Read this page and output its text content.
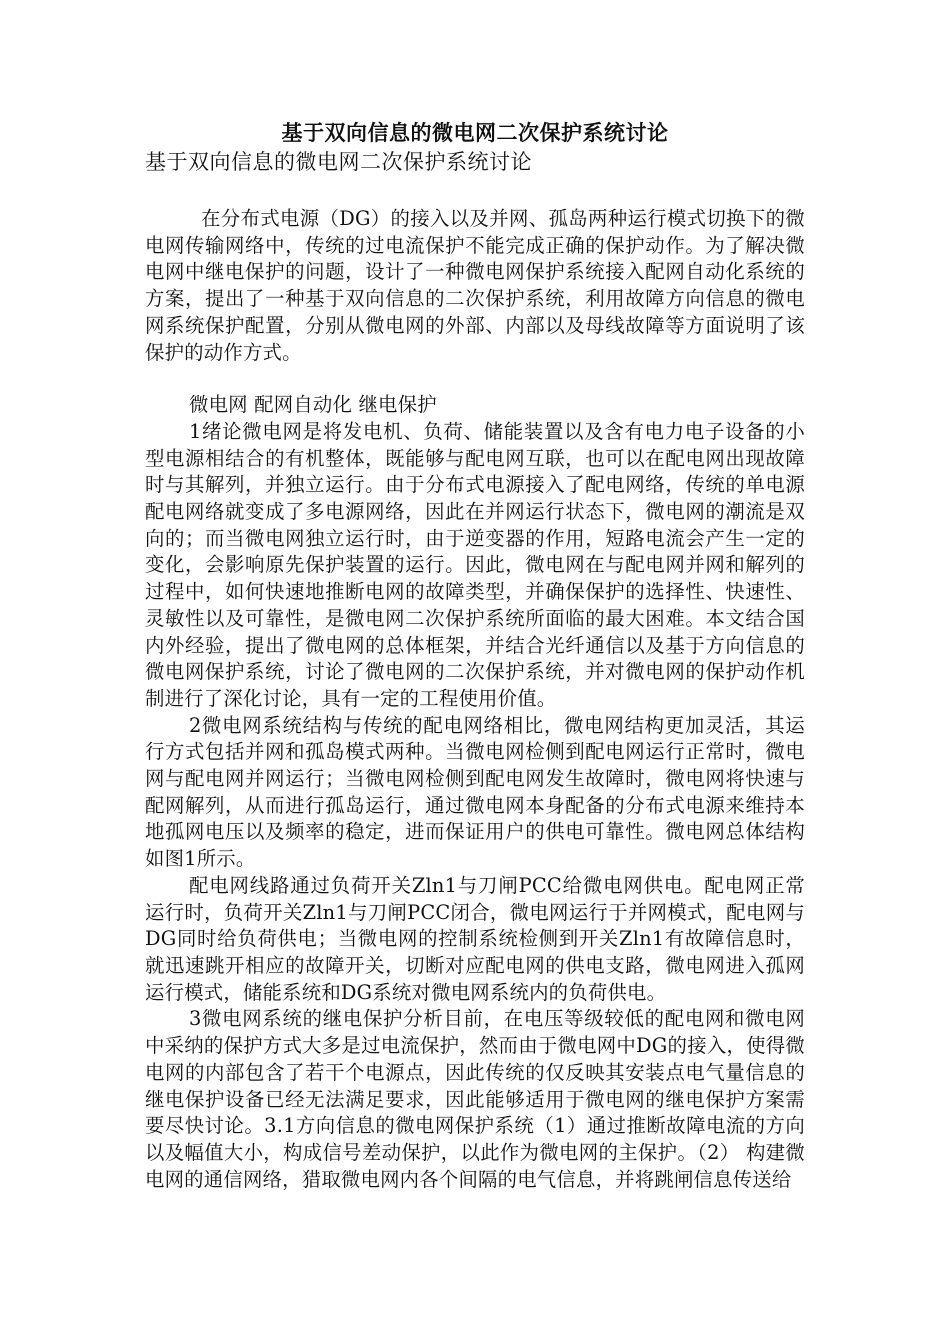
基于双向信息的微电网二次保护系统讨论
基于双向信息的微电网二次保护系统讨论

在分布式电源（DG）的接入以及并网、孤岛两种运行模式切换下的微电网传输网络中，传统的过电流保护不能完成正确的保护动作。为了解决微电网中继电保护的问题，设计了一种微电网保护系统接入配网自动化系统的方案，提出了一种基于双向信息的二次保护系统，利用故障方向信息的微电网系统保护配置，分别从微电网的外部、内部以及母线故障等方面说明了该保护的动作方式。

微电网 配网自动化 继电保护

1绪论微电网是将发电机、负荷、储能装置以及含有电力电子设备的小型电源相结合的有机整体，既能够与配电网互联，也可以在配电网出现故障时与其解列，并独立运行。由于分布式电源接入了配电网络，传统的单电源配电网络就变成了多电源网络，因此在并网运行状态下，微电网的潮流是双向的；而当微电网独立运行时，由于逆变器的作用，短路电流会产生一定的变化，会影响原先保护装置的运行。因此，微电网在与配电网并网和解列的过程中，如何快速地推断电网的故障类型，并确保保护的选择性、快速性、灵敏性以及可靠性，是微电网二次保护系统所面临的最大困难。本文结合国内外经验，提出了微电网的总体框架，并结合光纤通信以及基于方向信息的微电网保护系统，讨论了微电网的二次保护系统，并对微电网的保护动作机制进行了深化讨论，具有一定的工程使用价值。

2微电网系统结构与传统的配电网络相比，微电网结构更加灵活，其运行方式包括并网和孤岛模式两种。当微电网检侧到配电网运行正常时，微电网与配电网并网运行；当微电网检侧到配电网发生故障时，微电网将快速与配网解列，从而进行孤岛运行，通过微电网本身配备的分布式电源来维持本地孤网电压以及频率的稳定，进而保证用户的供电可靠性。微电网总体结构如图1所示。

配电网线路通过负荷开关Zln1与刀闸PCC给微电网供电。配电网正常运行时，负荷开关Zln1与刀闸PCC闭合，微电网运行于并网模式，配电网与DG同时给负荷供电；当微电网的控制系统检侧到开关Zln1有故障信息时，就迅速跳开相应的故障开关，切断对应配电网的供电支路，微电网进入孤网运行模式，储能系统和DG系统对微电网系统内的负荷供电。

3微电网系统的继电保护分析目前，在电压等级较低的配电网和微电网中采纳的保护方式大多是过电流保护，然而由于微电网中DG的接入，使得微电网的内部包含了若干个电源点，因此传统的仅反映其安装点电气量信息的继电保护设备已经无法满足要求，因此能够适用于微电网的继电保护方案需要尽快讨论。3.1方向信息的微电网保护系统（1）通过推断故障电流的方向以及幅值大小，构成信号差动保护，以此作为微电网的主保护。（2） 构建微电网的通信网络，猎取微电网内各个间隔的电气信息，并将跳闸信息传送给
